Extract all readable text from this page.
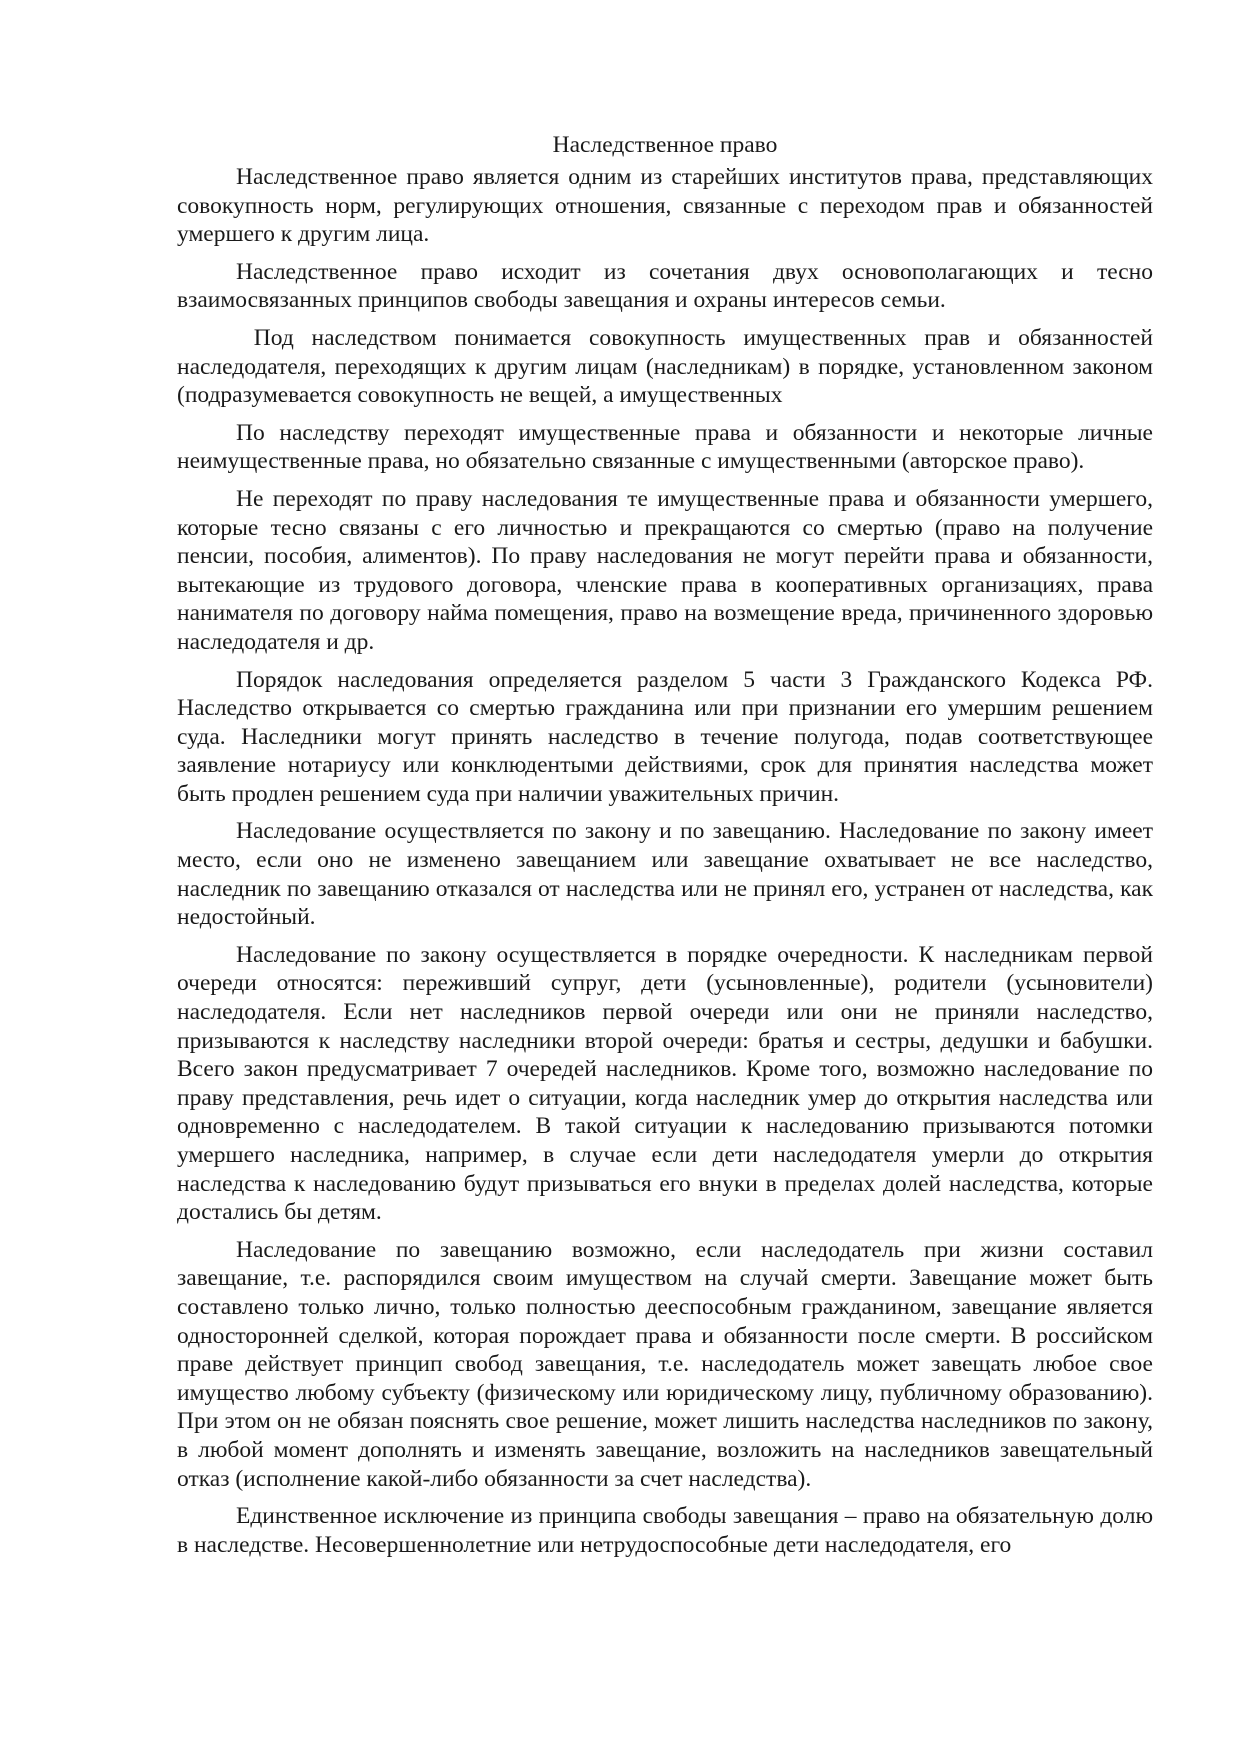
Наследственное право

Наследственное право является одним из старейших институтов права, представляющих совокупность норм, регулирующих отношения, связанные с переходом прав и обязанностей умершего к другим лица.

Наследственное право исходит из сочетания двух основополагающих и тесно взаимосвязанных принципов свободы завещания и охраны интересов семьи.

Под наследством понимается совокупность имущественных прав и обязанностей наследодателя, переходящих к другим лицам (наследникам) в порядке, установленном законом (подразумевается совокупность не вещей, а имущественных

По наследству переходят имущественные права и обязанности и некоторые личные неимущественные права, но обязательно связанные с имущественными (авторское право).

Не переходят по праву наследования те имущественные права и обязанности умершего, которые тесно связаны с его личностью и прекращаются со смертью (право на получение пенсии, пособия, алиментов). По праву наследования не могут перейти права и обязанности, вытекающие из трудового договора, членские права в кооперативных организациях, права нанимателя по договору найма помещения, право на возмещение вреда, причиненного здоровью наследодателя и др.

Порядок наследования определяется разделом 5 части 3 Гражданского Кодекса РФ. Наследство открывается со смертью гражданина или при признании его умершим решением суда. Наследники могут принять наследство в течение полугода, подав соответствующее заявление нотариусу или конклюдентыми действиями, срок для принятия наследства может быть продлен решением суда при наличии уважительных причин.

Наследование осуществляется по закону и по завещанию. Наследование по закону имеет место, если оно не изменено завещанием или завещание охватывает не все наследство, наследник по завещанию отказался от наследства или не принял его, устранен от наследства, как недостойный.

Наследование по закону осуществляется в порядке очередности. К наследникам первой очереди относятся: переживший супруг, дети (усыновленные), родители (усыновители) наследодателя. Если нет наследников первой очереди или они не приняли наследство, призываются к наследству наследники второй очереди: братья и сестры, дедушки и бабушки. Всего закон предусматривает 7 очередей наследников. Кроме того, возможно наследование по праву представления, речь идет о ситуации, когда наследник умер до открытия наследства или одновременно с наследодателем. В такой ситуации к наследованию призываются потомки умершего наследника, например, в случае если дети наследодателя умерли до открытия наследства к наследованию будут призываться его внуки в пределах долей наследства, которые достались бы детям.

Наследование по завещанию возможно, если наследодатель при жизни составил завещание, т.е. распорядился своим имуществом на случай смерти. Завещание может быть составлено только лично, только полностью дееспособным гражданином, завещание является односторонней сделкой, которая порождает права и обязанности после смерти. В российском праве действует принцип свобод завещания, т.е. наследодатель может завещать любое свое имущество любому субъекту (физическому или юридическому лицу, публичному образованию). При этом он не обязан пояснять свое решение, может лишить наследства наследников по закону, в любой момент дополнять и изменять завещание, возложить на наследников завещательный отказ (исполнение какой-либо обязанности за счет наследства).

Единственное исключение из принципа свободы завещания – право на обязательную долю в наследстве. Несовершеннолетние или нетрудоспособные дети наследодателя, его
